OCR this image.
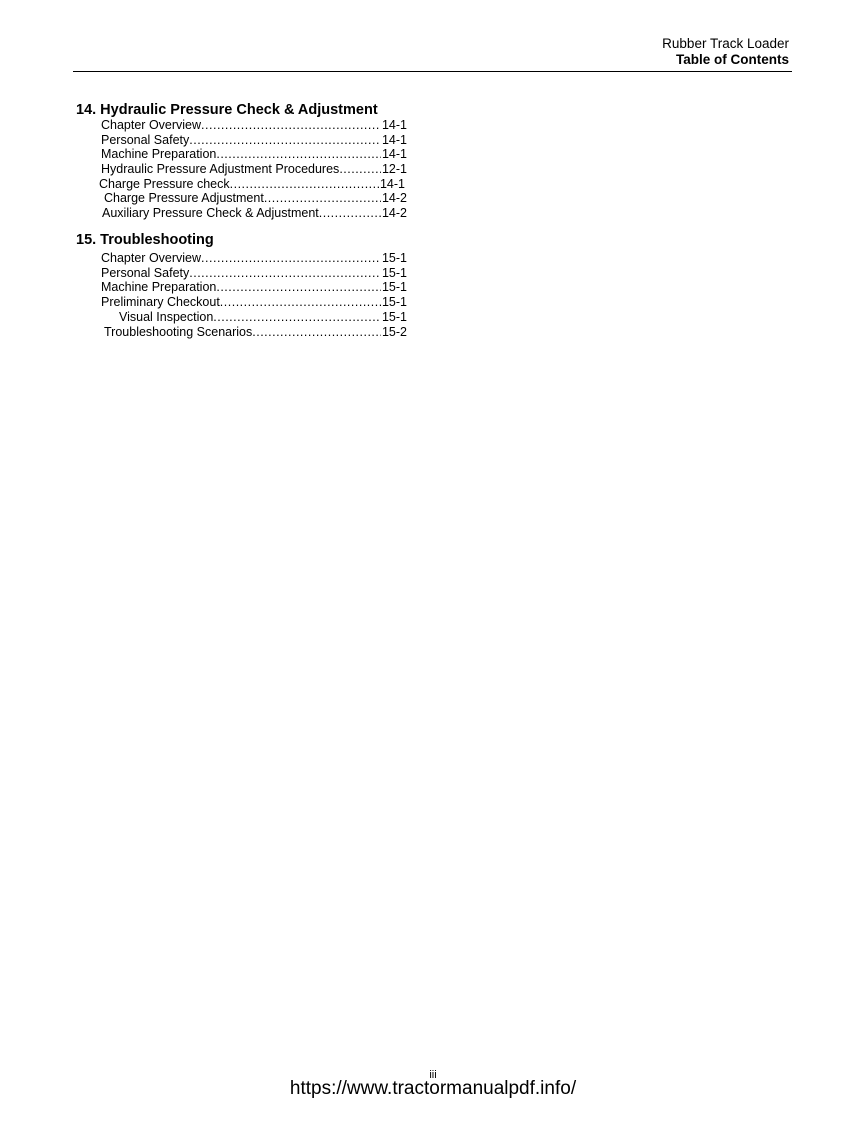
Rubber Track Loader
Table of Contents
14. Hydraulic Pressure Check & Adjustment
Chapter Overview .....	14-1
Personal Safety .....	14-1
Machine Preparation .....	14-1
Hydraulic Pressure Adjustment Procedures .....	12-1
Charge Pressure check .....	14-1
Charge Pressure Adjustment .....	14-2
Auxiliary Pressure Check & Adjustment .....	14-2
15. Troubleshooting
Chapter Overview .....	15-1
Personal Safety .....	15-1
Machine Preparation .....	15-1
Preliminary Checkout .....	15-1
Visual Inspection .....	15-1
Troubleshooting Scenarios .....	15-2
iii
https://www.tractormanualpdf.info/
